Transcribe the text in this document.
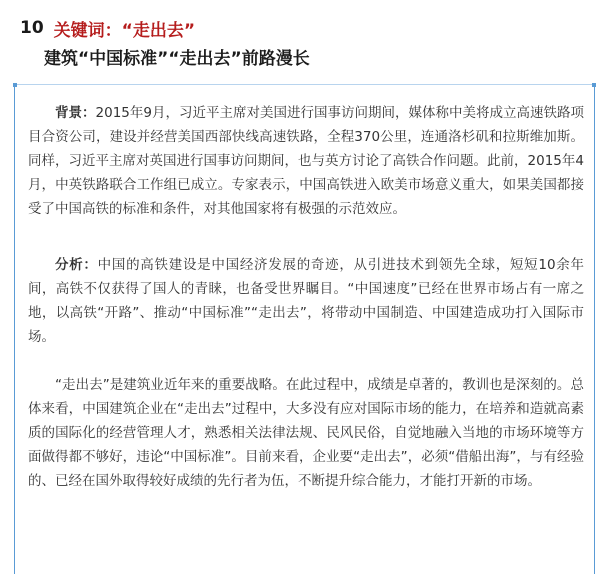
10 关键词：“走出去”
建筑“中国标准”“走出去”前路漫长

背景：2015年9月，习近平主席对美国进行国事访问期间，媒体称中美将成立高速铁路项目合资公司，建设并经营美国西部快线高速铁路，全程370公里，连通洛杉矶和拉斯维加斯。同样，习近平主席对英国进行国事访问期间，也与英方讨论了高铁合作问题。此前，2015年4月，中英铁路联合工作组已成立。专家表示，中国高铁进入欧美市场意义重大，如果美国都接受了中国高铁的标准和条件，对其他国家将有极强的示范效应。

分析：中国的高铁建设是中国经济发展的奇迹，从引进技术到领先全球，短短10余年间，高铁不仅获得了国人的青睐，也备受世界瞩目。“中国速度”已经在世界市场占有一席之地，以高铁“开路”、推动“中国标准”“走出去”，将带动中国制造、中国建造成功打入国际市场。

“走出去”是建筑业近年来的重要战略。在此过程中，成绩是卓著的，教训也是深刻的。总体来看，中国建筑企业在“走出去”过程中，大多没有应对国际市场的能力，在培养和造就高素质的国际化的经营管理人才，熟悉相关法律法规、民风民俗，自觉地融入当地的市场环境等方面做得都不够好，违论“中国标准”。目前来看，企业要“走出去”，必须“借船出海”，与有经验的、已经在国外取得较好成绩的先行者为伍，不断提升综合能力，才能打开新的市场。
